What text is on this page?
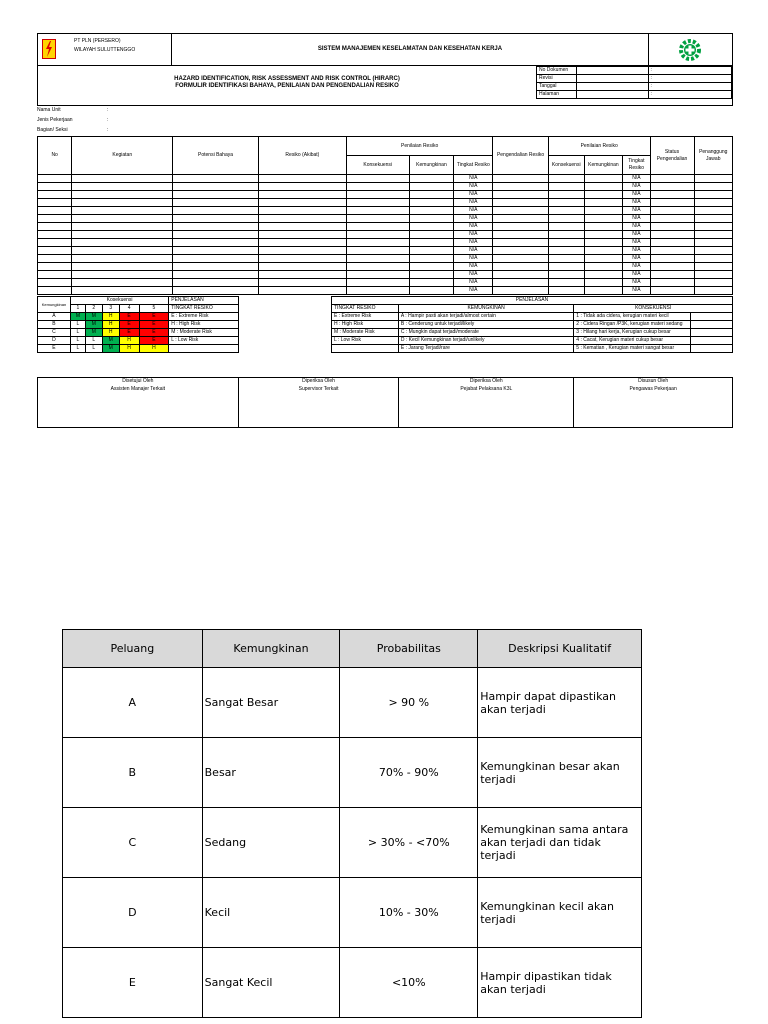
PT PLN (PERSERO)
WILAYAH SULUTTENGGO	SISTEM MANAJEMEN KESELAMATAN DAN KESEHATAN KERJA
HAZARD IDENTIFICATION, RISK ASSESSMENT AND RISK CONTROL (HIRARC)
FORMULIR IDENTIFIKASI BAHAYA, PENILAIAN DAN PENGENDALIAN RESIKO
No Dokumen		:
Revisi		:
Tanggal		:
Halaman		:
Nama Unit	:
Jenis Pekerjaan	:
Bagian/ Seksi	:
No	Kegiatan	Potensi Bahaya	Resiko (Akibat)	Penilaian Resiko			Pengendalian Resiko	Penilaian Resiko			Status Pengendalian	Penanggung Jawab
				Konsekuensi	Kemungkinan	Tingkat Resiko		Konsekuensi	Kemungkinan	Tingkat Resiko		
						N/A				N/A		
						N/A				N/A		
						N/A				N/A		
						N/A				N/A		
						N/A				N/A		
						N/A				N/A		
						N/A				N/A		
						N/A				N/A		
						N/A				N/A		
						N/A				N/A		
						N/A				N/A		
						N/A				N/A		
						N/A				N/A		
						N/A				N/A		
						N/A				N/A		
Kemungkinan	Kosekuensi					PENJELASAN
	1	2	3	4	5	TINGKAT RESIKO
A	M	M	H	E	E	E : Extreme Risk
B	L	M	H	E	E	H : High Risk
C	L	M	H	E	E	M : Moderate Risk
D	L	L	M	H	E	L : Low Risk
E	L	L	M	H	H	
PENJELASAN			
TINGKAT RESIKO	KEMUNGKINAN	KONSEKUENSI	
E : Extreme Risk	A : Hampir pasti akan terjadi/almost certain	1 : Tidak ada cidera, kerugian materi kecil	
H : High Risk	B : Cenderung untuk terjadi/likely	2 : Cidera Ringan /P3K, kerugian materi sedang	
M : Moderate Risk	C : Mungkin dapat terjadi/moderate	3 : Hilang hari kerja, Kerugian cukup besar	
L : Low Risk	D : Kecil Kemungkinan terjadi/unlikely	4 : Cacat, Kerugian materi cukup besar	
	E : Jarang Terjadi/rare	5 : Kematian , Kerugian materi sangat besar	
Disetujui Oleh	Diperiksa Oleh	Diperiksa Oleh	Disusun Oleh
Assisten Manajer Terkait	Supervisor Terkait	Pejabat Pelaksana K3L	Pengawas Pekerjaan

Peluang	Kemungkinan	Probabilitas	Deskripsi Kualitatif
A	Sangat Besar	> 90 %	Hampir dapat dipastikan akan terjadi
B	Besar	70% - 90%	Kemungkinan besar akan terjadi
C	Sedang	> 30% - <70%	Kemungkinan sama antara akan terjadi dan tidak terjadi
D	Kecil	10% - 30%	Kemungkinan kecil akan terjadi
E	Sangat Kecil	<10%	Hampir dipastikan tidak akan terjadi
